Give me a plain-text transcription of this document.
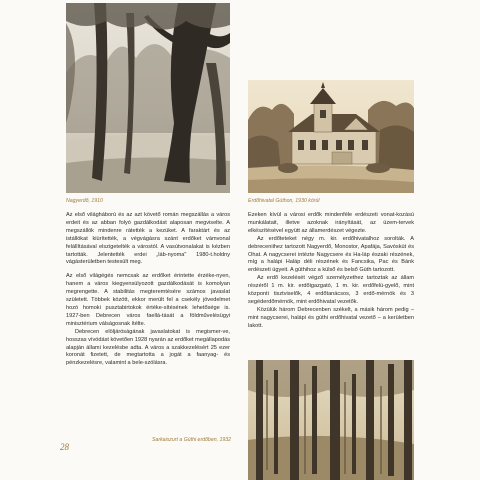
Nagyerdő, 1910	Erdőhivatal Gúthon, 1930 körül

Az első világháború és az azt követő román megszállás a város erdeit és az abban folyó gazdálkodást alaposan megviselte. A megszállók mindenre rátették a kezüket. A faraktárt és az istállókat kiürítették, a végvágásra szánt erdőket vámvonal felállításával elszigetelték a várostól. A vasútvonalakat is kézben tartották. Jelentették erdei „láb-nyoma" 1980-t.holdny vágásterületben testesült meg.

Az első világégés nemcsak az erdőket érintette érzéke-nyen, hanem a város kiegyensúlyozott gazdálkodását is komolyan megrengette. A stabilitás megteremtésére számos javaslat született. Többek között, ekkor merült fel a csekély jövedelmet hozó homoki pusztabirtokok értéke-sítésének lehetősége is. 1927-ben Debrecen város faellá-tását a földművelésügyi minisztérium válságosnak ítélte.

Debrecen elöljáróságának javaslatokat is megismer-ve, hosszas vívódást követően 1928 nyarán az erdőket megállapodás alapján állami kezelésbe adta. A város a szakkezelésért 25 ezer koronát fizetett, de megtartotta a jogát a faanyag- és pénzkezelésre, valamint a bele-szólásra.

Ezeken kívül a városi erdők mindenféle erdészeti vonat-kozású munkálatait, illetve azoknak irányítását, az üzem-tervek elkészítésével együtt az államerdészet végezte.

Az erdőteteket négy m. kir. erdőhivatalhoz sorolták. A debreceniihez tartozott Nagyerdő, Monostor, Apafája, Savóskút és Ohat. A nagycserei intézte Nagycsere és Ha-láp északi részének, míg a halápi Haláp déli részének és Fancsika, Pac és Bánk erdészeti ügyeit. A gúthihoz a külső és belső Gúth tartozott.

Az erdő kezelését végző személyzethez tartoztak az állam részéről 1 m. kir. erdőigazgató, 1 m. kir. erdőfelü-gyelő, mint központi tisztviselők, 4 erdőtanácsos, 3 erdő-mérnök és 3 segéderdőmérnök, mint erdőhivatal vezetők.

Közülük három Debrecenben székelt, a másik három pedig – mint nagycserei, halápi és gúthi erdőhivatal vezető – a kerületben lakott.

Sarkaiszurt a Gúthi erdőben, 1932
28
